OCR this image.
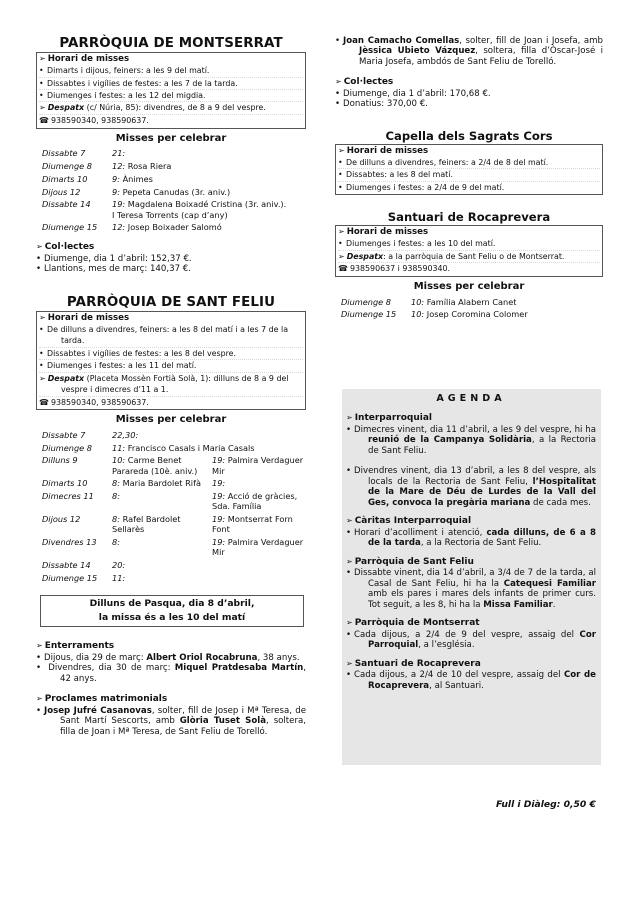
PARRÒQUIA DE MONTSERRAT
➢ Horari de misses
• Dimarts i dijous, feiners: a les 9 del matí.
• Dissabtes i vigílies de festes: a les 7 de la tarda.
• Diumenges i festes: a les 12 del migdia.
➢ Despatx (c/ Núria, 85): divendres, de 8 a 9 del vespre.
☎ 938590340, 938590637.
Misses per celebrar
Dissabte 7	21:
Diumenge 8	12: Rosa Riera
Dimarts 10	9: Ànimes
Dijous 12	9: Pepeta Canudas (3r. aniv.)
Dissabte 14	19: Magdalena Boixadé Cristina (3r. aniv.).
I Teresa Torrents (cap d’any)
Diumenge 15	12: Josep Boixader Salomó
➢ Col·lectes
• Diumenge, dia 1 d’abril: 152,37 €.
• Llantions, mes de març: 140,37 €.
PARRÒQUIA DE SANT FELIU
➢ Horari de misses
• De dilluns a divendres, feiners: a les 8 del matí i a les 7 de la tarda.
• Dissabtes i vigílies de festes: a les 8 del vespre.
• Diumenges i festes: a les 11 del matí.
➢ Despatx (Placeta Mossèn Fortià Solà, 1): dilluns de 8 a 9 del vespre i dimecres d’11 a 1.
☎ 938590340, 938590637.
Misses per celebrar
Dissabte 7	22,30:	
Diumenge 8	11: Francisco Casals i Maria Casals	
Dilluns 9	10: Carme Benet Parareda (10è. aniv.)	19: Palmira Verdaguer Mir
Dimarts 10	8: Maria Bardolet Rifà	19:
Dimecres 11	8:	19: Acció de gràcies, Sda. Família
Dijous 12	8: Rafel Bardolet Sellarès	19: Montserrat Forn Font
Divendres 13	8:	19: Palmira Verdaguer Mir
Dissabte 14	20:	
Diumenge 15	11:	
Dilluns de Pasqua, dia 8 d’abril,
la missa és a les 10 del matí
➢ Enterraments
• Dijous, dia 29 de març: Albert Oriol Rocabruna, 38 anys.
• Divendres, dia 30 de març: Miquel Pratdesaba Martín, 42 anys.
➢ Proclames matrimonials
• Josep Jufré Casanovas, solter, fill de Josep i Mª Teresa, de Sant Martí Sescorts, amb Glòria Tuset Solà, soltera, filla de Joan i Mª Teresa, de Sant Feliu de Torelló.
• Joan Camacho Comellas, solter, fill de Joan i Josefa, amb Jèssica Ubieto Vázquez, soltera, filla d’Òscar-José i Maria Josefa, ambdós de Sant Feliu de Torelló.
➢ Col·lectes
• Diumenge, dia 1 d’abril: 170,68 €.
• Donatius: 370,00 €.
Capella dels Sagrats Cors
➢ Horari de misses
• De dilluns a divendres, feiners: a 2/4 de 8 del matí.
• Dissabtes: a les 8 del matí.
• Diumenges i festes: a 2/4 de 9 del matí.
Santuari de Rocaprevera
➢ Horari de misses
• Diumenges i festes: a les 10 del matí.
➢ Despatx: a la parròquia de Sant Feliu o de Montserrat.
☎ 938590637 i 938590340.
Misses per celebrar
Diumenge 8	10: Família Alabern Canet
Diumenge 15	10: Josep Coromina Colomer
AGENDA
➢ Interparroquial
• Dimecres vinent, dia 11 d’abril, a les 9 del vespre, hi ha reunió de la Campanya Solidària, a la Rectoria de Sant Feliu.
• Divendres vinent, dia 13 d’abril, a les 8 del vespre, als locals de la Rectoria de Sant Feliu, l’Hospitalitat de la Mare de Déu de Lurdes de la Vall del Ges, convoca la pregària mariana de cada mes.
➢ Càritas Interparroquial
• Horari d’acolliment i atenció, cada dilluns, de 6 a 8 de la tarda, a la Rectoria de Sant Feliu.
➢ Parròquia de Sant Feliu
• Dissabte vinent, dia 14 d’abril, a 3/4 de 7 de la tarda, al Casal de Sant Feliu, hi ha la Catequesi Familiar amb els pares i mares dels infants de primer curs. Tot seguit, a les 8, hi ha la Missa Familiar.
➢ Parròquia de Montserrat
• Cada dijous, a 2/4 de 9 del vespre, assaig del Cor Parroquial, a l’església.
➢ Santuari de Rocaprevera
• Cada dijous, a 2/4 de 10 del vespre, assaig del Cor de Rocaprevera, al Santuari.
Full i Diàleg: 0,50 €
